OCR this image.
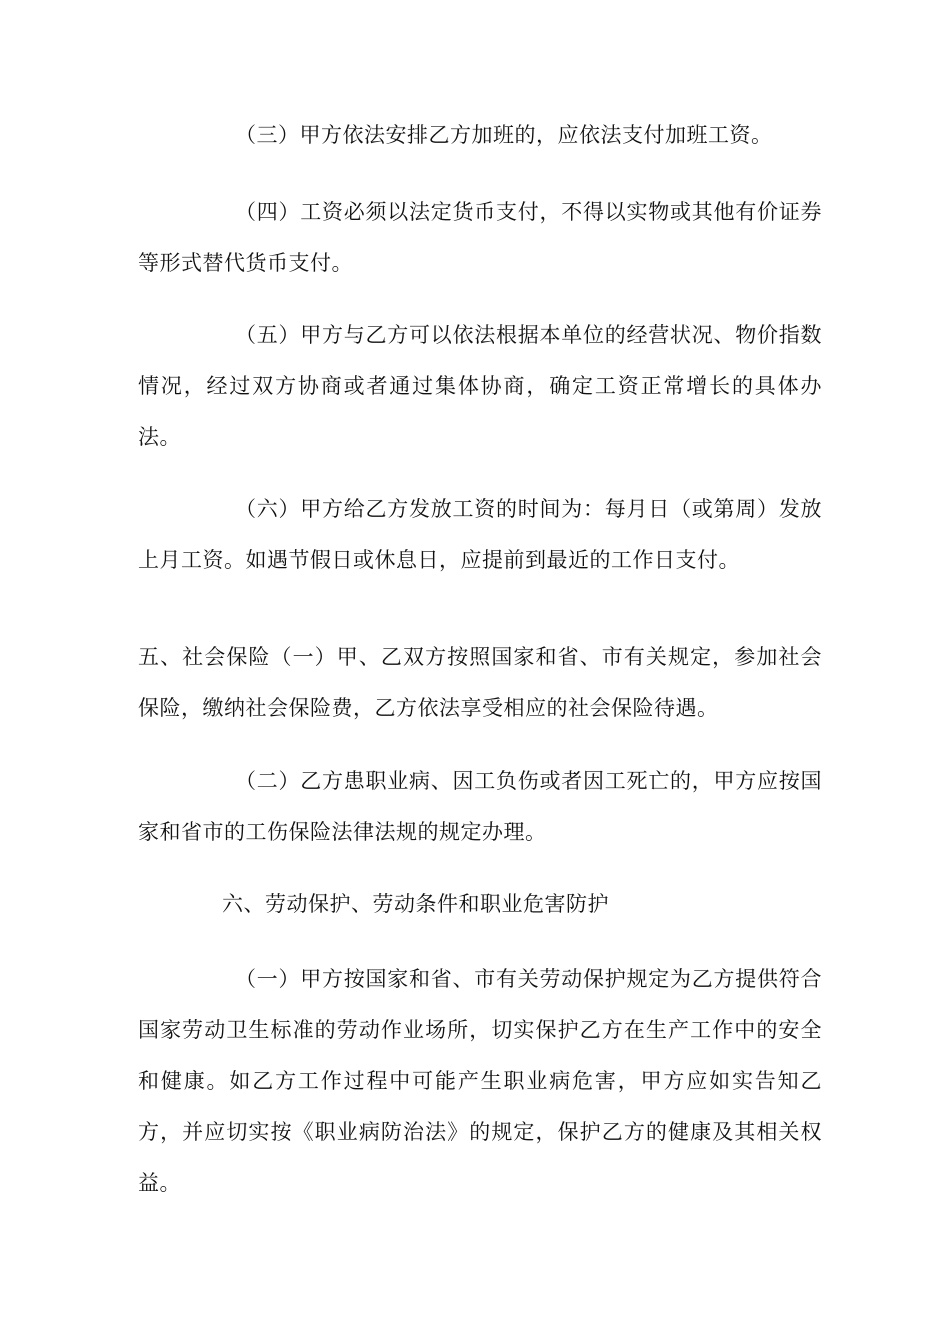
（三）甲方依法安排乙方加班的，应依法支付加班工资。

（四）工资必须以法定货币支付，不得以实物或其他有价证券等形式替代货币支付。

（五）甲方与乙方可以依法根据本单位的经营状况、物价指数情况，经过双方协商或者通过集体协商，确定工资正常增长的具体办法。

（六）甲方给乙方发放工资的时间为：每月日（或第周）发放上月工资。如遇节假日或休息日，应提前到最近的工作日支付。

五、社会保险（一）甲、乙双方按照国家和省、市有关规定，参加社会保险，缴纳社会保险费，乙方依法享受相应的社会保险待遇。

（二）乙方患职业病、因工负伤或者因工死亡的，甲方应按国家和省市的工伤保险法律法规的规定办理。

六、劳动保护、劳动条件和职业危害防护

（一）甲方按国家和省、市有关劳动保护规定为乙方提供符合国家劳动卫生标准的劳动作业场所，切实保护乙方在生产工作中的安全和健康。如乙方工作过程中可能产生职业病危害，甲方应如实告知乙方，并应切实按《职业病防治法》的规定，保护乙方的健康及其相关权益。
